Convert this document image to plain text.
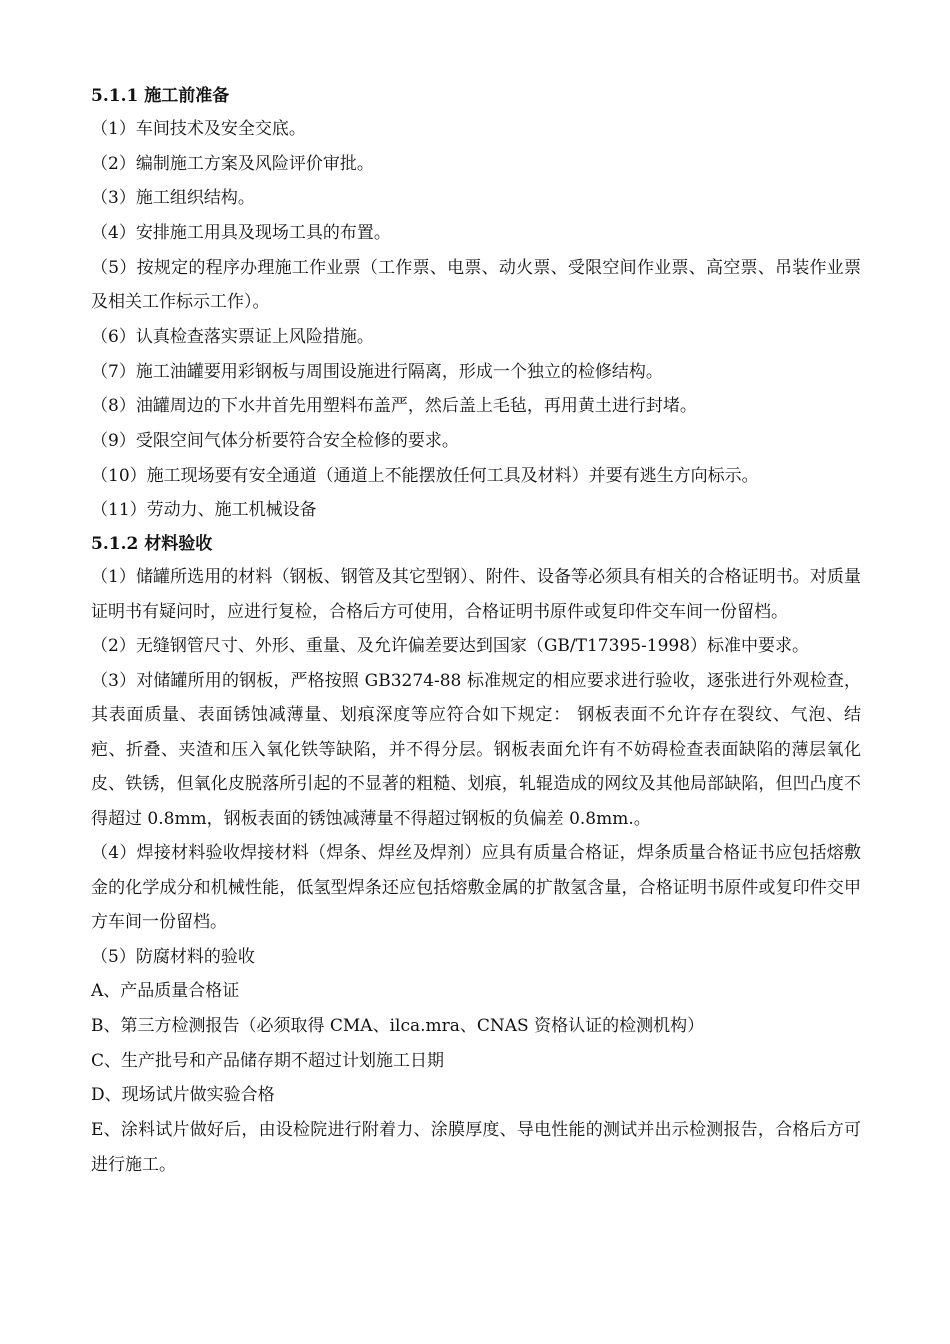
5.1.1 施工前准备

（1）车间技术及安全交底。

（2）编制施工方案及风险评价审批。

（3）施工组织结构。

（4）安排施工用具及现场工具的布置。

（5）按规定的程序办理施工作业票（工作票、电票、动火票、受限空间作业票、高空票、吊装作业票及相关工作标示工作）。

（6）认真检查落实票证上风险措施。

（7）施工油罐要用彩钢板与周围设施进行隔离，形成一个独立的检修结构。

（8）油罐周边的下水井首先用塑料布盖严，然后盖上毛毡，再用黄土进行封堵。

（9）受限空间气体分析要符合安全检修的要求。

（10）施工现场要有安全通道（通道上不能摆放任何工具及材料）并要有逃生方向标示。

（11）劳动力、施工机械设备

5.1.2 材料验收

（1）储罐所选用的材料（钢板、钢管及其它型钢）、附件、设备等必须具有相关的合格证明书。对质量证明书有疑问时，应进行复检，合格后方可使用，合格证明书原件或复印件交车间一份留档。

（2）无缝钢管尺寸、外形、重量、及允许偏差要达到国家（GB/T17395-1998）标准中要求。

（3）对储罐所用的钢板，严格按照 GB3274-88 标准规定的相应要求进行验收，逐张进行外观检查，其表面质量、表面锈蚀减薄量、划痕深度等应符合如下规定： 钢板表面不允许存在裂纹、气泡、结疤、折叠、夹渣和压入氧化铁等缺陷，并不得分层。钢板表面允许有不妨碍检查表面缺陷的薄层氧化皮、铁锈，但氧化皮脱落所引起的不显著的粗糙、划痕，轧辊造成的网纹及其他局部缺陷，但凹凸度不得超过 0.8mm，钢板表面的锈蚀减薄量不得超过钢板的负偏差 0.8mm.。

（4）焊接材料验收焊接材料（焊条、焊丝及焊剂）应具有质量合格证，焊条质量合格证书应包括熔敷金的化学成分和机械性能，低氢型焊条还应包括熔敷金属的扩散氢含量，合格证明书原件或复印件交甲方车间一份留档。

（5）防腐材料的验收

A、产品质量合格证

B、第三方检测报告（必须取得 CMA、ilca.mra、CNAS 资格认证的检测机构）

C、生产批号和产品储存期不超过计划施工日期

D、现场试片做实验合格

E、涂料试片做好后，由设检院进行附着力、涂膜厚度、导电性能的测试并出示检测报告，合格后方可进行施工。
